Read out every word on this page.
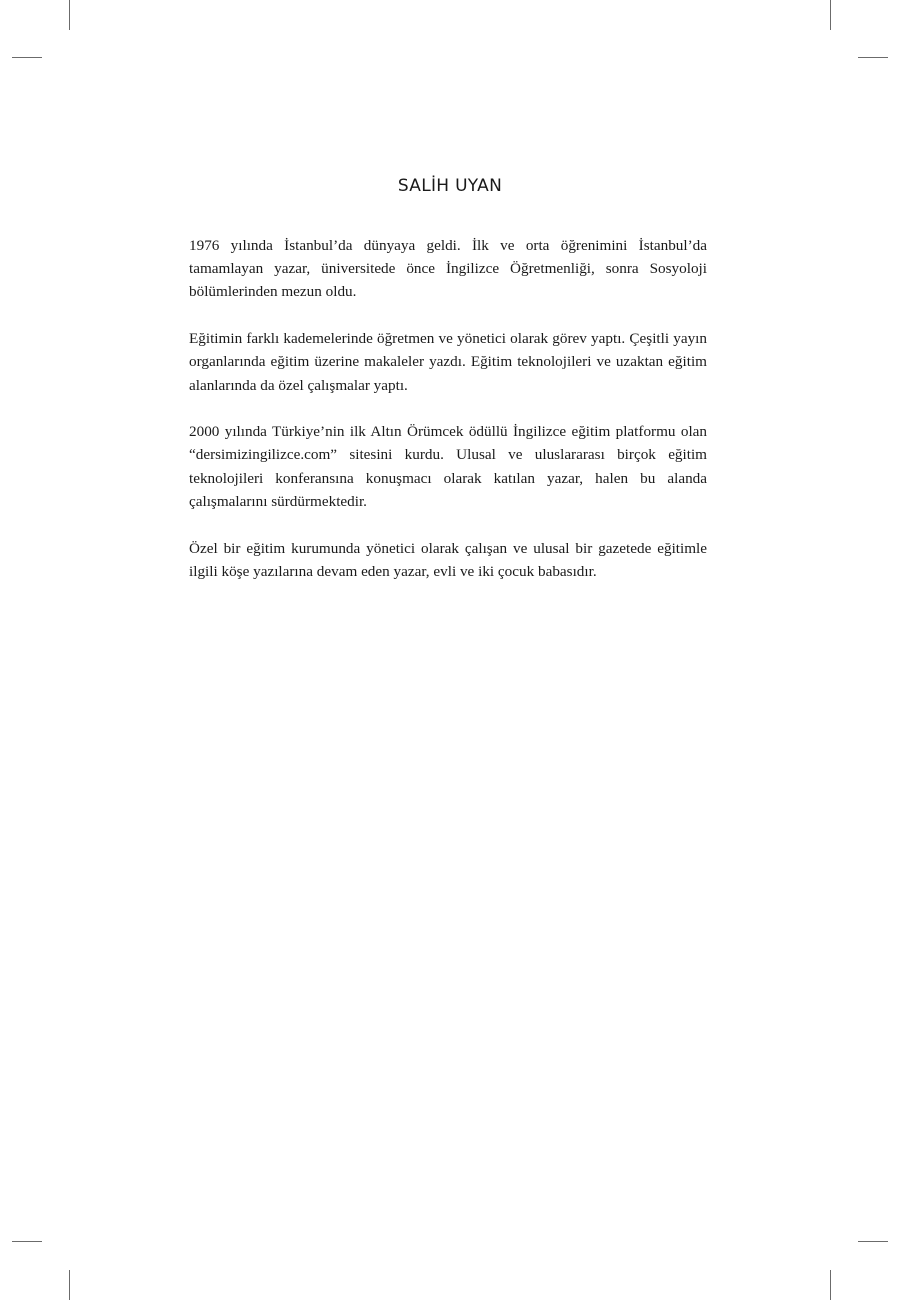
SALİH UYAN

1976 yılında İstanbul’da dünyaya geldi. İlk ve orta öğrenimini İstanbul’da tamamlayan yazar, üniversitede önce İngilizce Öğretmenliği, sonra Sosyoloji bölümlerinden mezun oldu.

Eğitimin farklı kademelerinde öğretmen ve yönetici olarak görev yaptı. Çeşitli yayın organlarında eğitim üzerine makaleler yazdı. Eğitim teknolojileri ve uzaktan eğitim alanlarında da özel çalışmalar yaptı.

2000 yılında Türkiye’nin ilk Altın Örümcek ödüllü İngilizce eğitim platformu olan “dersimizingilizce.com” sitesini kurdu. Ulusal ve uluslararası birçok eğitim teknolojileri konferansına konuşmacı olarak katılan yazar, halen bu alanda çalışmalarını sürdürmektedir.

Özel bir eğitim kurumunda yönetici olarak çalışan ve ulusal bir gazetede eğitimle ilgili köşe yazılarına devam eden yazar, evli ve iki çocuk babasıdır.
